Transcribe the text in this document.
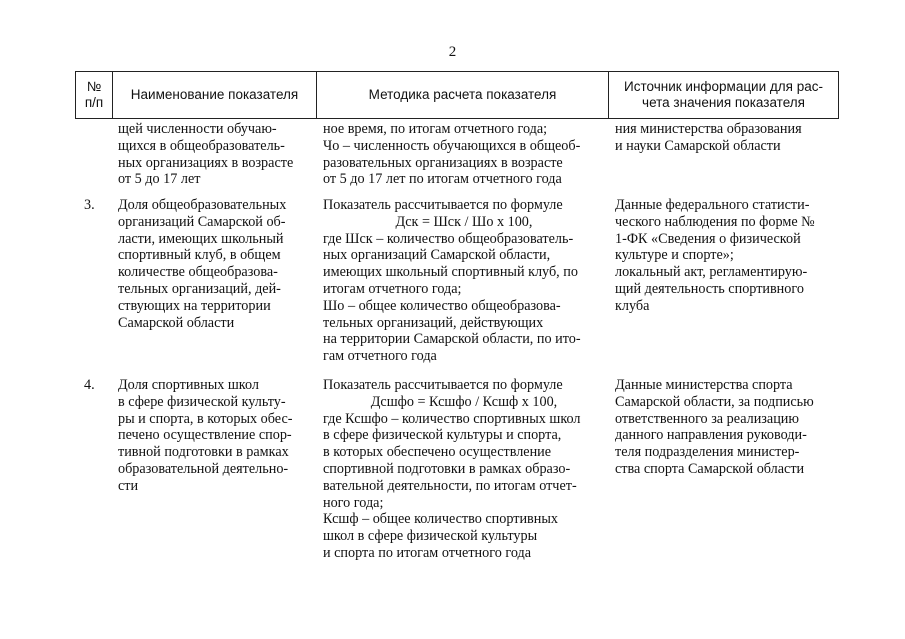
2
№
п/п
Наименование показателя	Методика расчета показателя
Источник информации для рас-
чета значения показателя
щей численности обучаю-
щихся в общеобразователь-
ных организациях в возрасте
от 5 до 17 лет
ное время, по итогам отчетного года;
Чо – численность обучающихся в общеоб-
разовательных организациях в возрасте
от 5 до 17 лет по итогам отчетного года
ния министерства образования
и науки Самарской области
3. Доля общеобразовательных
организаций Самарской об-
ласти, имеющих школьный
спортивный клуб, в общем
количестве общеобразова-
тельных организаций, дей-
ствующих на территории
Самарской области
Показатель рассчитывается по формуле
Дск = Шск / Шо х 100,
где Шск – количество общеобразователь-
ных организаций Самарской области,
имеющих школьный спортивный клуб, по
итогам отчетного года;
Шо – общее количество общеобразова-
тельных организаций, действующих
на территории Самарской области, по ито-
гам отчетного года
Данные федерального статисти-
ческого наблюдения по форме №
1-ФК «Сведения о физической
культуре и спорте»;
локальный акт, регламентирую-
щий деятельность спортивного
клуба
4. Доля спортивных школ
в сфере физической культу-
ры и спорта, в которых обес-
печено осуществление спор-
тивной подготовки в рамках
образовательной деятельно-
сти
Показатель рассчитывается по формуле
Дсшфо = Ксшфо / Ксшф х 100,
где Ксшфо – количество спортивных школ
в сфере физической культуры и спорта,
в которых обеспечено осуществление
спортивной подготовки в рамках образо-
вательной деятельности, по итогам отчет-
ного года;
Ксшф – общее количество спортивных
школ в сфере физической культуры
и спорта по итогам отчетного года
Данные министерства спорта
Самарской области, за подписью
ответственного за реализацию
данного направления руководи-
теля подразделения министер-
ства спорта Самарской области
